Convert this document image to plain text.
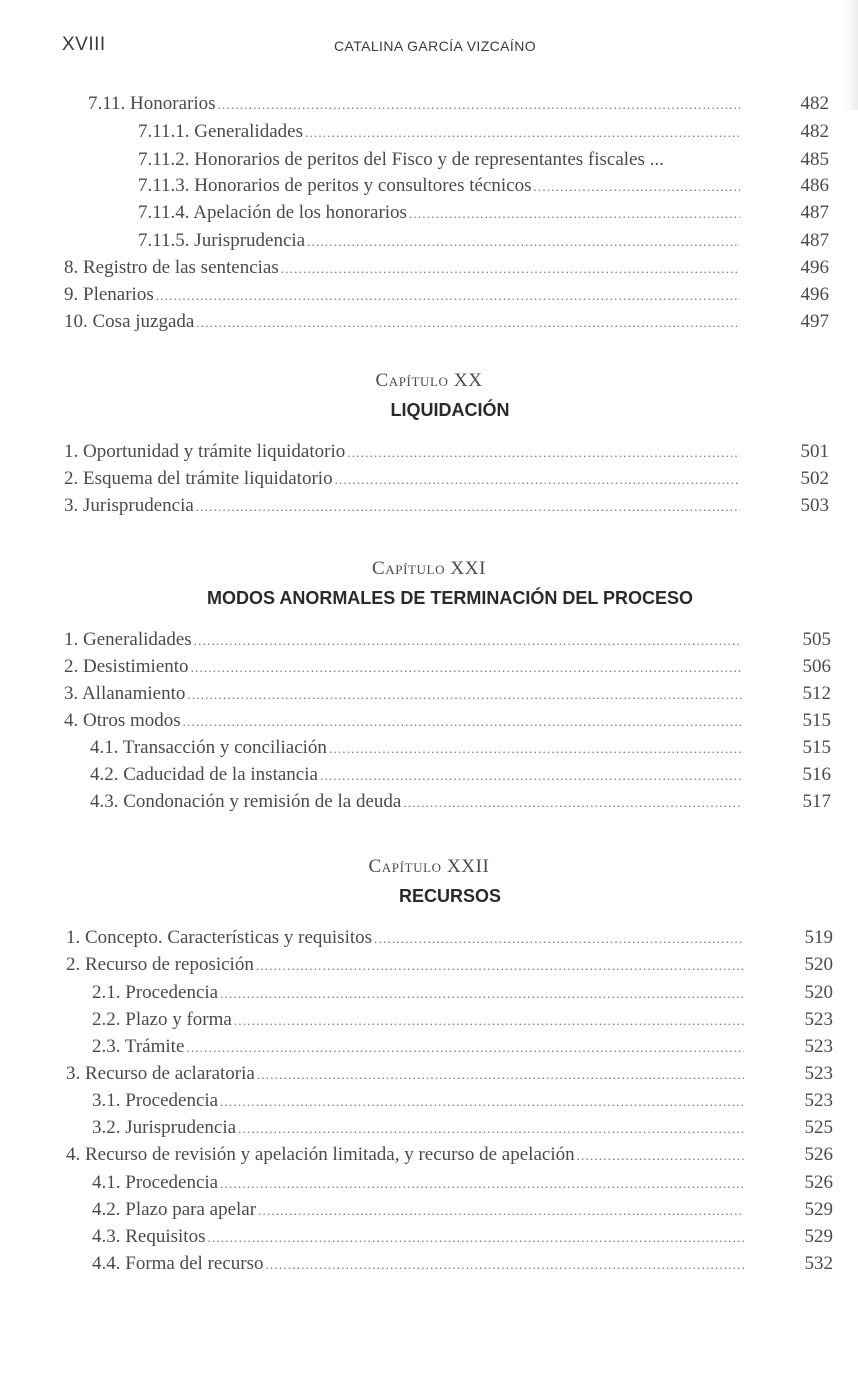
XVIII	CATALINA GARCÍA VIZCAÍNO
7.11. Honorarios .....	482
7.11.1. Generalidades .....	482
7.11.2. Honorarios de peritos del Fisco y de representantes fiscales ...	485
7.11.3. Honorarios de peritos y consultores técnicos .....	486
7.11.4. Apelación de los honorarios .....	487
7.11.5. Jurisprudencia .....	487
8. Registro de las sentencias .....	496
9. Plenarios .....	496
10. Cosa juzgada .....	497
Capítulo XX
LIQUIDACIÓN
1. Oportunidad y trámite liquidatorio .....	501
2. Esquema del trámite liquidatorio .....	502
3. Jurisprudencia .....	503
Capítulo XXI
MODOS ANORMALES DE TERMINACIÓN DEL PROCESO
1. Generalidades .....	505
2. Desistimiento .....	506
3. Allanamiento .....	512
4. Otros modos .....	515
4.1. Transacción y conciliación .....	515
4.2. Caducidad de la instancia .....	516
4.3. Condonación y remisión de la deuda .....	517
Capítulo XXII
RECURSOS
1. Concepto. Características y requisitos .....	519
2. Recurso de reposición .....	520
2.1. Procedencia .....	520
2.2. Plazo y forma .....	523
2.3. Trámite .....	523
3. Recurso de aclaratoria .....	523
3.1. Procedencia .....	523
3.2. Jurisprudencia .....	525
4. Recurso de revisión y apelación limitada, y recurso de apelación .....	526
4.1. Procedencia .....	526
4.2. Plazo para apelar .....	529
4.3. Requisitos .....	529
4.4. Forma del recurso .....	532
